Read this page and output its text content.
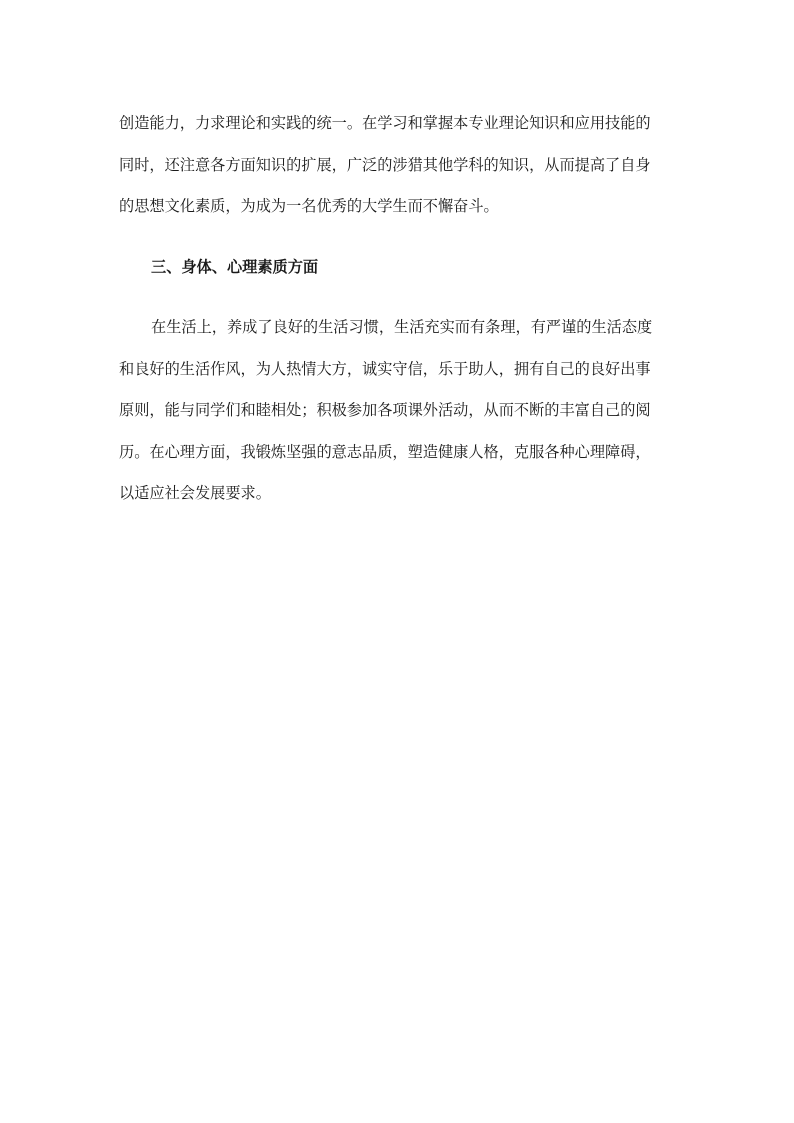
创造能力，力求理论和实践的统一。在学习和掌握本专业理论知识和应用技能的
同时，还注意各方面知识的扩展，广泛的涉猎其他学科的知识，从而提高了自身
的思想文化素质，为成为一名优秀的大学生而不懈奋斗。
三、身体、心理素质方面
在生活上，养成了良好的生活习惯，生活充实而有条理，有严谨的生活态度
和良好的生活作风，为人热情大方，诚实守信，乐于助人，拥有自己的良好出事
原则，能与同学们和睦相处；积极参加各项课外活动，从而不断的丰富自己的阅
历。在心理方面，我锻炼坚强的意志品质，塑造健康人格，克服各种心理障碍，
以适应社会发展要求。
